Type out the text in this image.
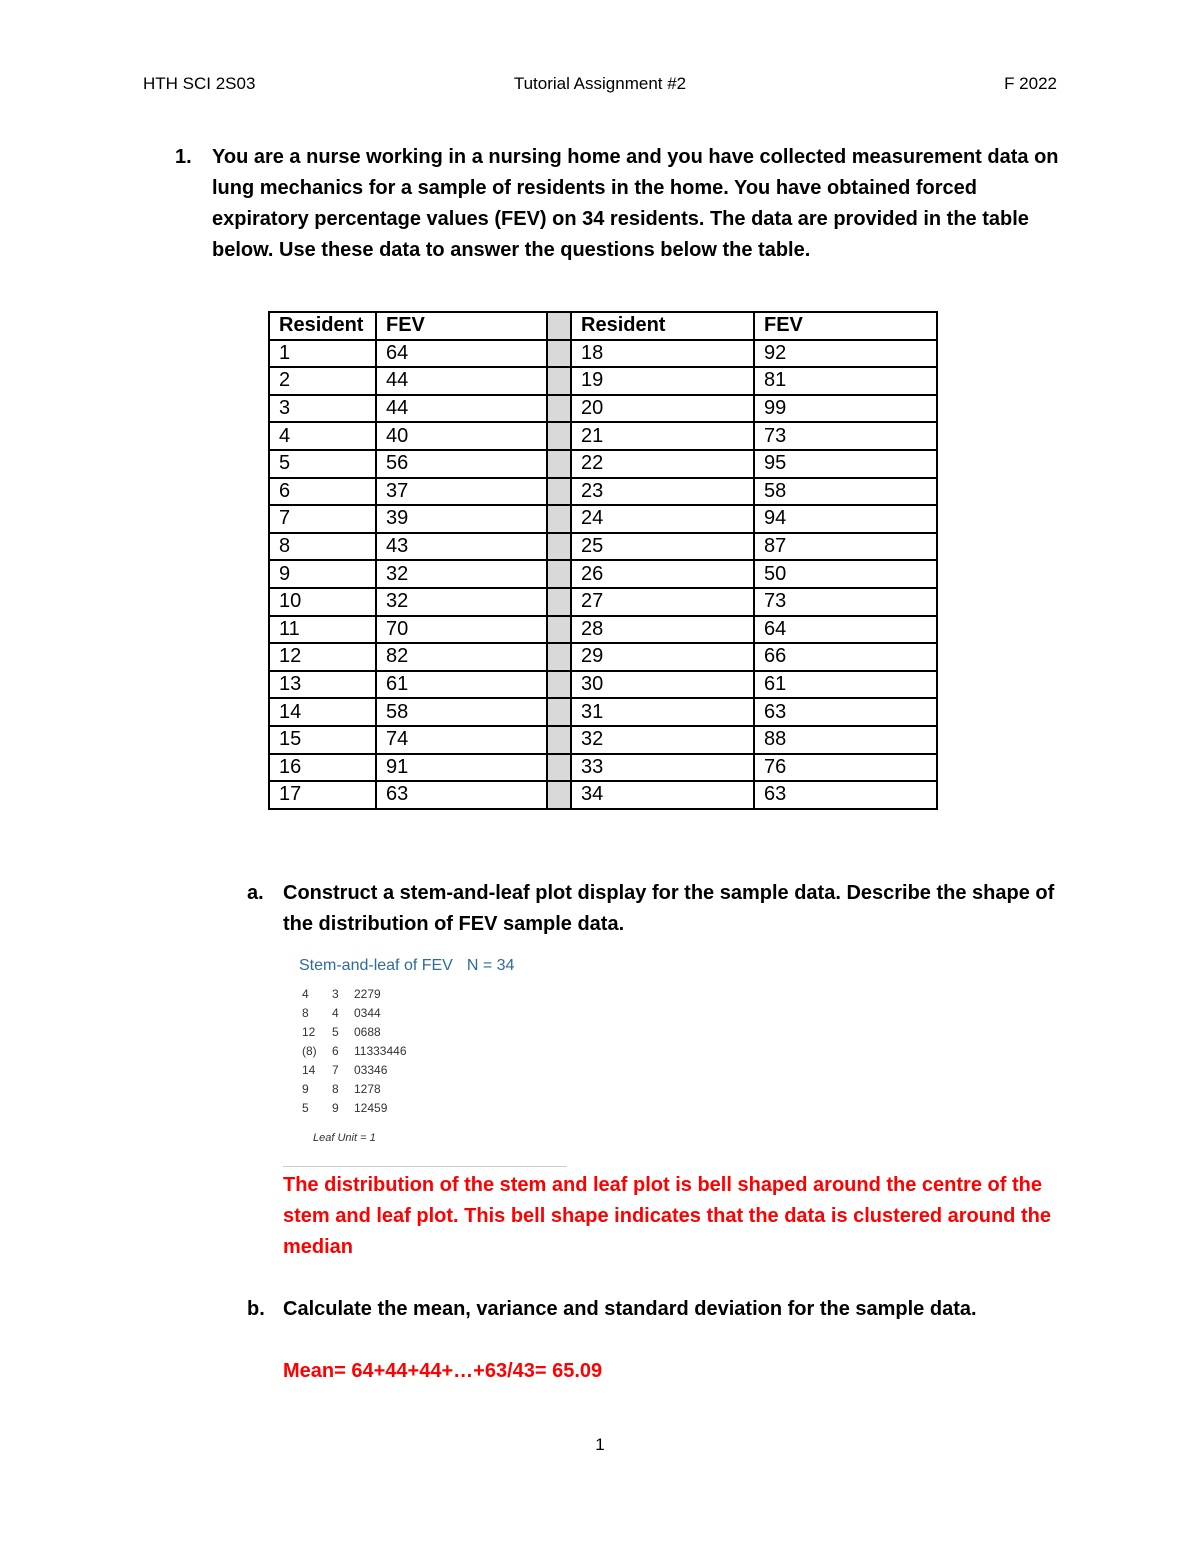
HTH SCI 2S03	Tutorial Assignment #2	F 2022
1. You are a nurse working in a nursing home and you have collected measurement data on lung mechanics for a sample of residents in the home. You have obtained forced expiratory percentage values (FEV) on 34 residents. The data are provided in the table below. Use these data to answer the questions below the table.
Resident	FEV		Resident	FEV
1	64		18	92
2	44		19	81
3	44		20	99
4	40		21	73
5	56		22	95
6	37		23	58
7	39		24	94
8	43		25	87
9	32		26	50
10	32		27	73
11	70		28	64
12	82		29	66
13	61		30	61
14	58		31	63
15	74		32	88
16	91		33	76
17	63		34	63
a. Construct a stem-and-leaf plot display for the sample data. Describe the shape of the distribution of FEV sample data.
Stem-and-leaf of FEV N = 34
4 3 2279
8 4 0344
12 5 0688
(8) 6 11333446
14 7 03346
9 8 1278
5 9 12459
Leaf Unit = 1
The distribution of the stem and leaf plot is bell shaped around the centre of the stem and leaf plot. This bell shape indicates that the data is clustered around the median
b. Calculate the mean, variance and standard deviation for the sample data.
Mean= 64+44+44+…+63/43= 65.09
1
